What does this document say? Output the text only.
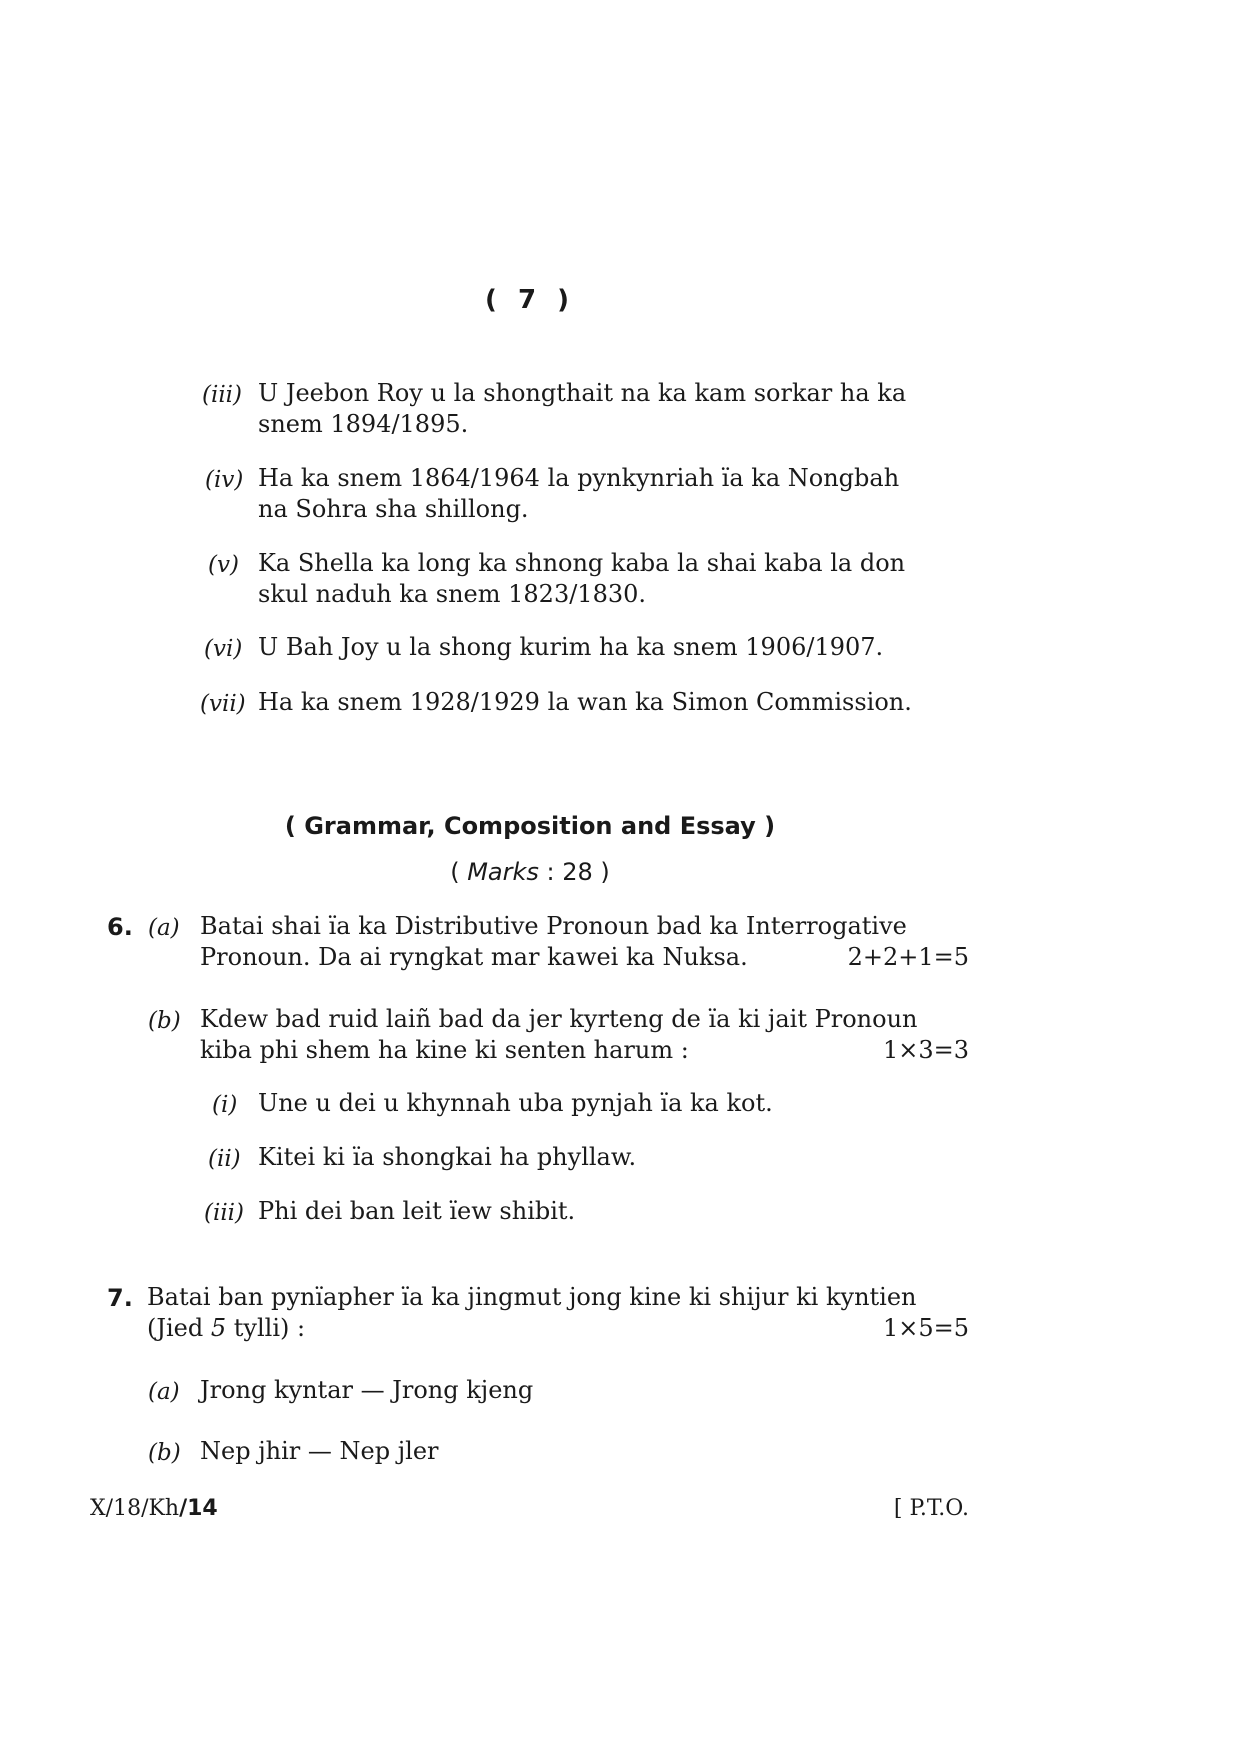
( 7 )
(iii) U Jeebon Roy u la shongthait na ka kam sorkar ha ka
snem 1894/1895.
(iv) Ha ka snem 1864/1964 la pynkynriah ïa ka Nongbah
na Sohra sha shillong.
(v) Ka Shella ka long ka shnong kaba la shai kaba la don
skul naduh ka snem 1823/1830.
(vi) U Bah Joy u la shong kurim ha ka snem 1906/1907.
(vii) Ha ka snem 1928/1929 la wan ka Simon Commission.
( Grammar, Composition and Essay )
( Marks : 28 )
6. (a) Batai shai ïa ka Distributive Pronoun bad ka Interrogative
Pronoun. Da ai ryngkat mar kawei ka Nuksa.	2+2+1=5
(b) Kdew bad ruid laiñ bad da jer kyrteng de ïa ki jait Pronoun
kiba phi shem ha kine ki senten harum :	1×3=3
(i) Une u dei u khynnah uba pynjah ïa ka kot.
(ii) Kitei ki ïa shongkai ha phyllaw.
(iii) Phi dei ban leit ïew shibit.
7. Batai ban pynïapher ïa ka jingmut jong kine ki shijur ki kyntien
(Jied 5 tylli) :	1×5=5
(a) Jrong kyntar — Jrong kjeng
(b) Nep jhir — Nep jler
X/18/Kh/14	[ P.T.O.
